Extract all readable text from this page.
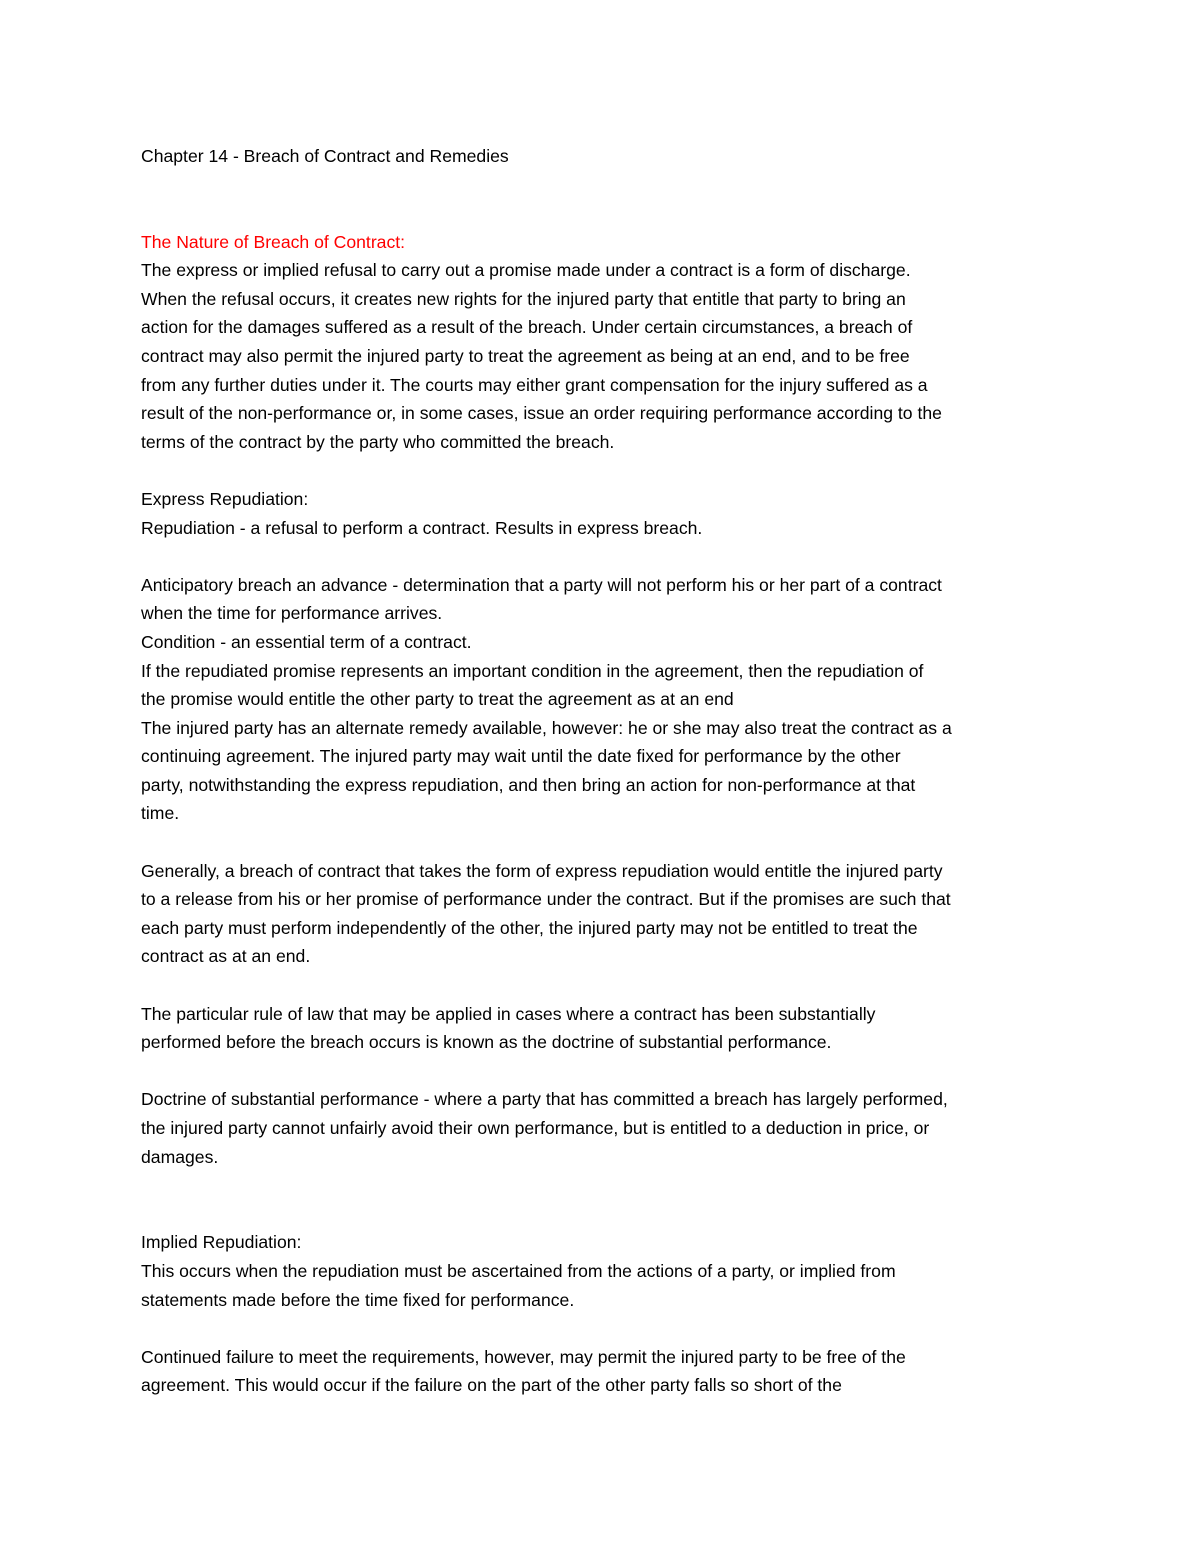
Chapter 14 - Breach of Contract and Remedies
The Nature of Breach of Contract:
The express or implied refusal to carry out a promise made under a contract is a form of discharge.
When the refusal occurs, it creates new rights for the injured party that entitle that party to bring an
action for the damages suffered as a result of the breach. Under certain circumstances, a breach of
contract may also permit the injured party to treat the agreement as being at an end, and to be free
from any further duties under it. The courts may either grant compensation for the injury suffered as a
result of the non-performance or, in some cases, issue an order requiring performance according to the
terms of the contract by the party who committed the breach.
Express Repudiation:
Repudiation - a refusal to perform a contract. Results in express breach.
Anticipatory breach an advance - determination that a party will not perform his or her part of a contract
when the time for performance arrives.
Condition - an essential term of a contract.
If the repudiated promise represents an important condition in the agreement, then the repudiation of
the promise would entitle the other party to treat the agreement as at an end
The injured party has an alternate remedy available, however: he or she may also treat the contract as a
continuing agreement. The injured party may wait until the date fixed for performance by the other
party, notwithstanding the express repudiation, and then bring an action for non-performance at that
time.
Generally, a breach of contract that takes the form of express repudiation would entitle the injured party
to a release from his or her promise of performance under the contract. But if the promises are such that
each party must perform independently of the other, the injured party may not be entitled to treat the
contract as at an end.
The particular rule of law that may be applied in cases where a contract has been substantially
performed before the breach occurs is known as the doctrine of substantial performance.
Doctrine of substantial performance - where a party that has committed a breach has largely performed,
the injured party cannot unfairly avoid their own performance, but is entitled to a deduction in price, or
damages.
Implied Repudiation:
This occurs when the repudiation must be ascertained from the actions of a party, or implied from
statements made before the time fixed for performance.
Continued failure to meet the requirements, however, may permit the injured party to be free of the
agreement. This would occur if the failure on the part of the other party falls so short of the
